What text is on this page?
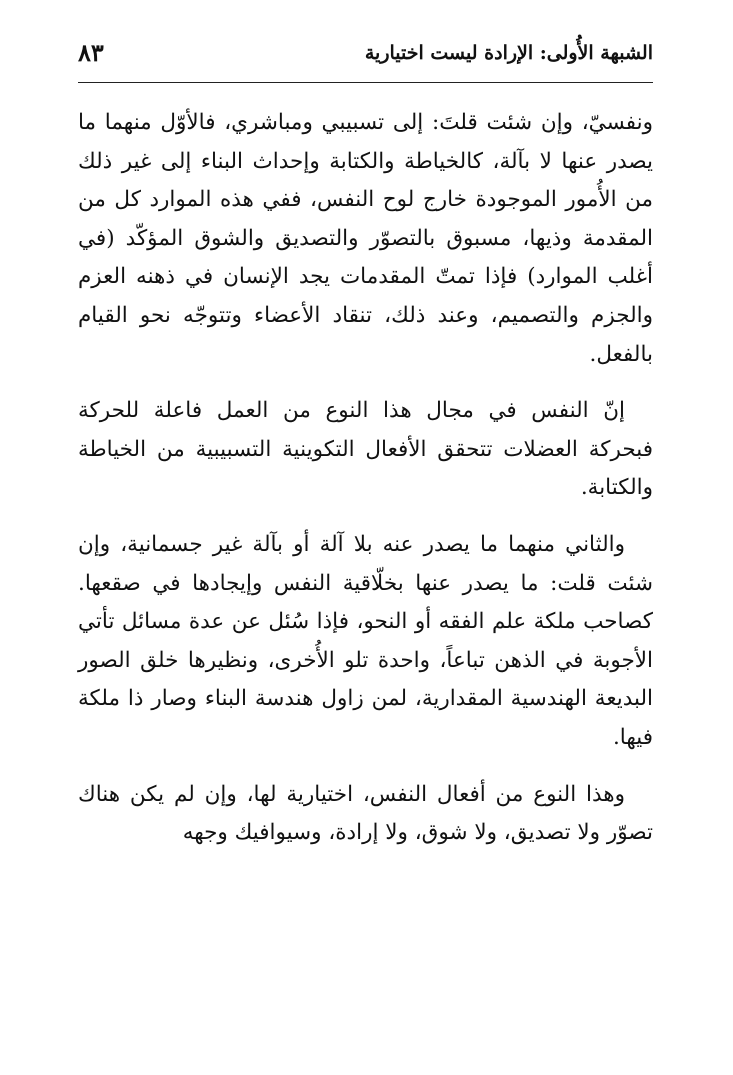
الشبهة الأُولى: الإرادة ليست اختيارية
٨٣

ونفسيّ، وإن شئت قلتَ: إلى تسبيبي ومباشري، فالأوّل منهما ما يصدر عنها لا بآلة، كالخياطة والكتابة وإحداث البناء إلى غير ذلك من الأُمور الموجودة خارج لوح النفس، ففي هذه الموارد كل من المقدمة وذيها، مسبوق بالتصوّر والتصديق والشوق المؤكّد (في أغلب الموارد) فإذا تمتّ المقدمات يجد الإنسان في ذهنه العزم والجزم والتصميم، وعند ذلك، تنقاد الأعضاء وتتوجّه نحو القيام بالفعل.

إنّ النفس في مجال هذا النوع من العمل فاعلة للحركة فبحركة العضلات تتحقق الأفعال التكوينية التسبيبية من الخياطة والكتابة.

والثاني منهما ما يصدر عنه بلا آلة أو بآلة غير جسمانية، وإن شئت قلت: ما يصدر عنها بخلّاقية النفس وإيجادها في صقعها. كصاحب ملكة علم الفقه أو النحو، فإذا سُئل عن عدة مسائل تأتي الأجوبة في الذهن تباعاً، واحدة تلو الأُخرى، ونظيرها خلق الصور البديعة الهندسية المقدارية، لمن زاول هندسة البناء وصار ذا ملكة فيها.

وهذا النوع من أفعال النفس، اختيارية لها، وإن لم يكن هناك تصوّر ولا تصديق، ولا شوق، ولا إرادة، وسيوافيك وجهه
